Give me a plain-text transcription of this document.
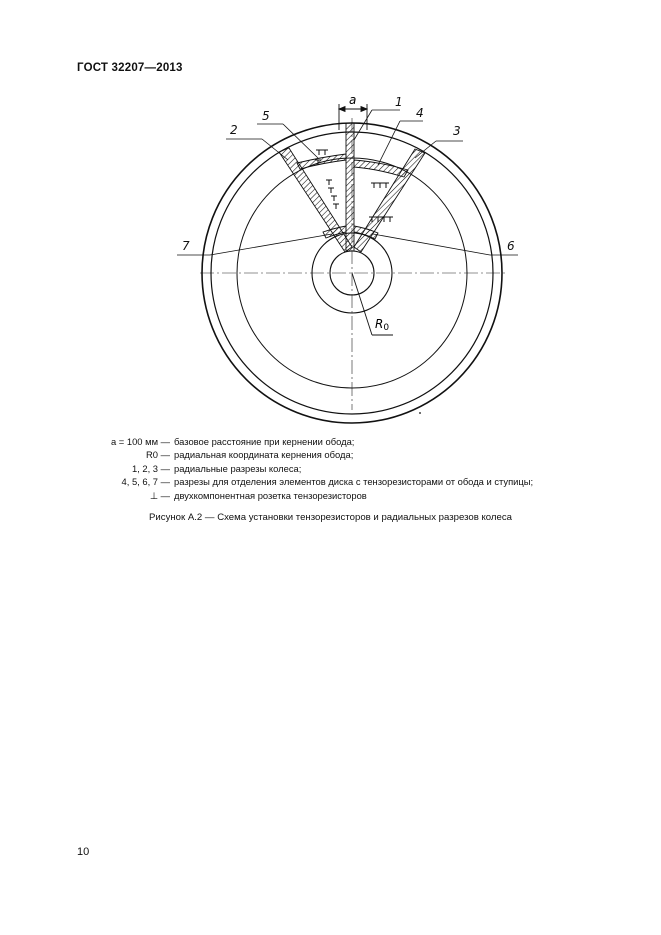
ГОСТ 32207—2013
a
R0
1
2	3
4
5
6
7
a = 100 мм — базовое расстояние при кернении обода;
R0 — радиальная координата кернения обода;
1, 2, 3 — радиальные разрезы колеса;
4, 5, 6, 7 — разрезы для отделения элементов диска с тензорезисторами от обода и ступицы;
⊥ — двухкомпонентная розетка тензорезисторов
Рисунок А.2 — Схема установки тензорезисторов и радиальных разрезов колеса
10
